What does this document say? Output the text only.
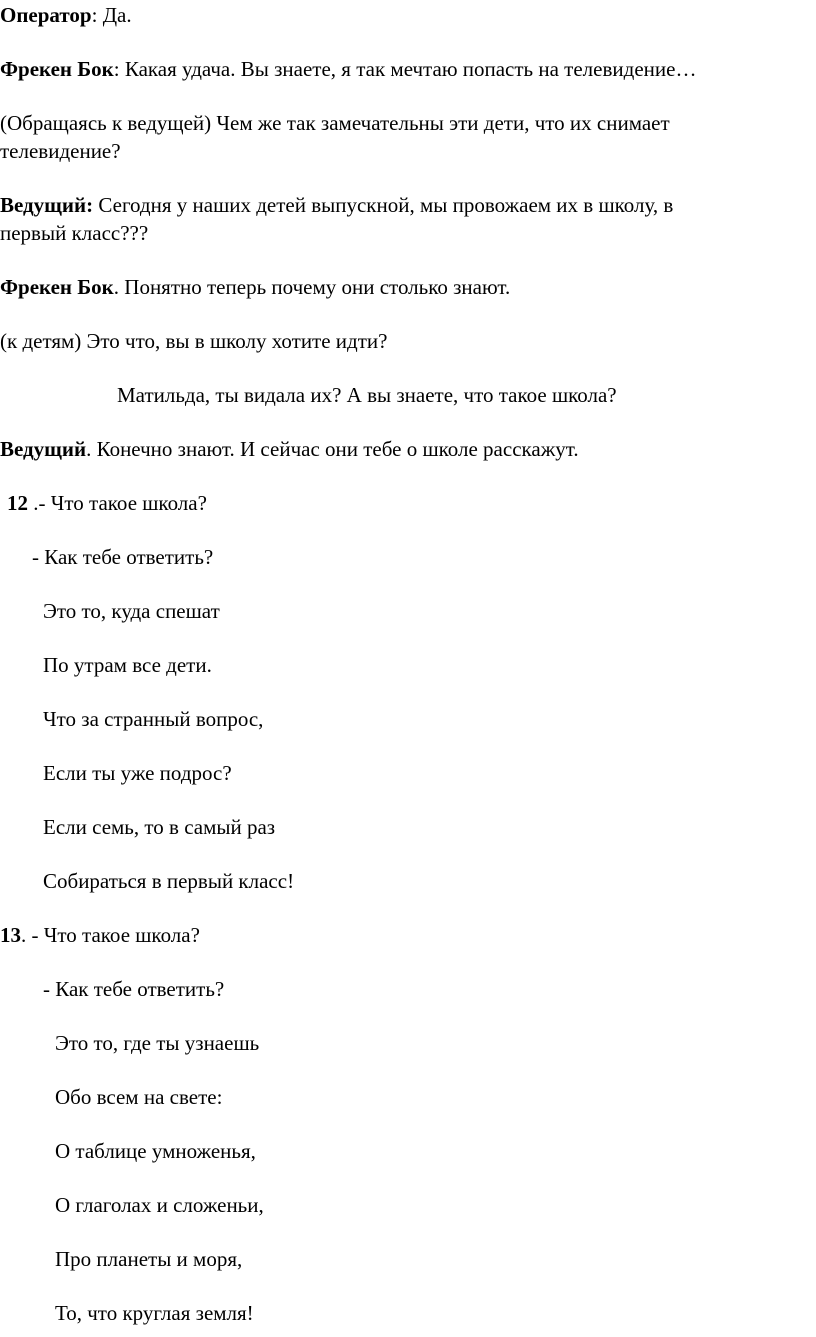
Оператор: Да.
Фрекен Бок: Какая удача. Вы знаете, я так мечтаю попасть на телевидение…
(Обращаясь к ведущей) Чем же так замечательны эти дети, что их снимает
телевидение?
Ведущий: Сегодня у наших детей выпускной, мы провожаем их в школу, в
первый класс???
Фрекен Бок. Понятно теперь почему они столько знают.
(к детям) Это что, вы в школу хотите идти?
Матильда, ты видала их? А вы знаете, что такое школа?
Ведущий. Конечно знают. И сейчас они тебе о школе расскажут.
12 .- Что такое школа?
- Как тебе ответить?
Это то, куда спешат
По утрам все дети.
Что за странный вопрос,
Если ты уже подрос?
Если семь, то в самый раз
Собираться в первый класс!
13. - Что такое школа?
- Как тебе ответить?
Это то, где ты узнаешь
Обо всем на свете:
О таблице умноженья,
О глаголах и сложеньи,
Про планеты и моря,
То, что круглая земля!
